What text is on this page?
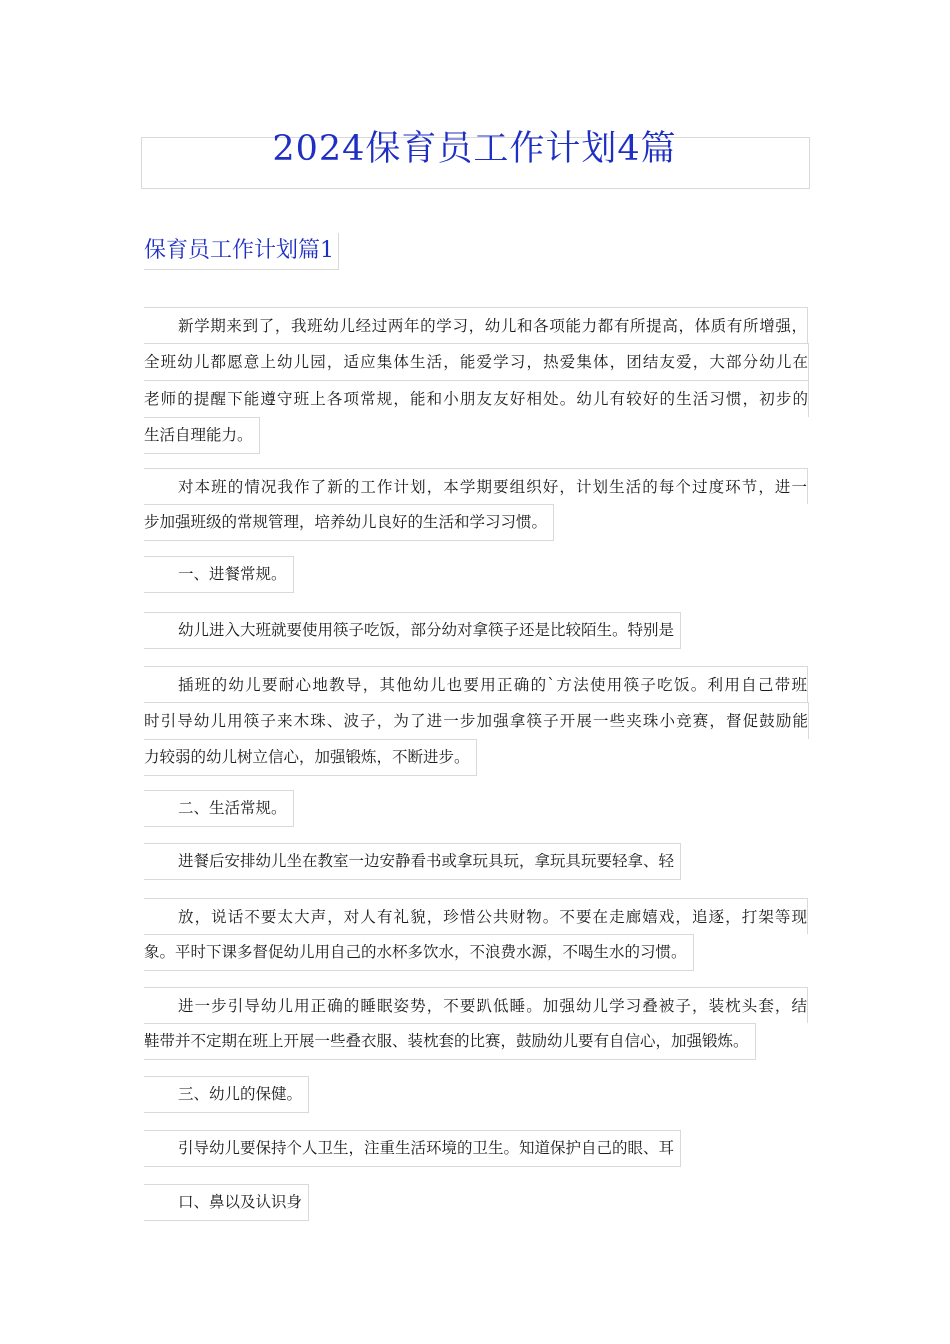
2024保育员工作计划4篇
保育员工作计划篇1
新学期来到了，我班幼儿经过两年的学习，幼儿和各项能力都有所提高，体质有所增强，
全班幼儿都愿意上幼儿园，适应集体生活，能爱学习，热爱集体，团结友爱，大部分幼儿在
老师的提醒下能遵守班上各项常规，能和小朋友友好相处。幼儿有较好的生活习惯，初步的
生活自理能力。
对本班的情况我作了新的工作计划，本学期要组织好，计划生活的每个过度环节，进一
步加强班级的常规管理，培养幼儿良好的生活和学习习惯。
一、进餐常规。
幼儿进入大班就要使用筷子吃饭，部分幼对拿筷子还是比较陌生。特别是
插班的幼儿要耐心地教导，其他幼儿也要用正确的`方法使用筷子吃饭。利用自己带班
时引导幼儿用筷子来木珠、波子，为了进一步加强拿筷子开展一些夹珠小竞赛，督促鼓励能
力较弱的幼儿树立信心，加强锻炼，不断进步。
二、生活常规。
进餐后安排幼儿坐在教室一边安静看书或拿玩具玩，拿玩具玩要轻拿、轻
放，说话不要太大声，对人有礼貌，珍惜公共财物。不要在走廊嬉戏，追逐，打架等现
象。平时下课多督促幼儿用自己的水杯多饮水，不浪费水源，不喝生水的习惯。
进一步引导幼儿用正确的睡眠姿势，不要趴低睡。加强幼儿学习叠被子，装枕头套，结
鞋带并不定期在班上开展一些叠衣服、装枕套的比赛，鼓励幼儿要有自信心，加强锻炼。
三、幼儿的保健。
引导幼儿要保持个人卫生，注重生活环境的卫生。知道保护自己的眼、耳
口、鼻以及认识身
